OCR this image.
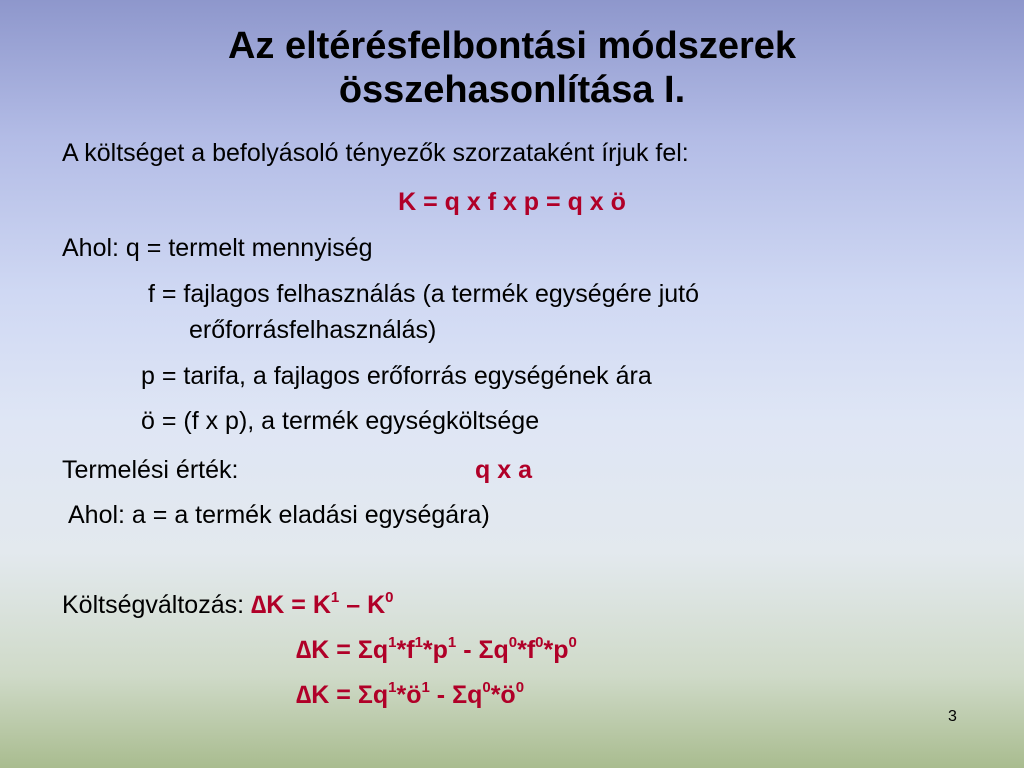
Az eltérésfelbontási módszerek
összehasonlítása I.
A költséget a befolyásoló tényezők szorzataként írjuk fel:
K = q x f x p = q x ö
Ahol: q = termelt mennyiség
f = fajlagos felhasználás (a termék egységére jutó
erőforrásfelhasználás)
p = tarifa, a fajlagos erőforrás egységének ára
ö = (f x p), a termék egységköltsége
Termelési érték:	q x a
Ahol: a = a termék eladási egységára)
Költségváltozás: $\Delta K = K^1 - K^0$
$\Delta K = \Sigma q^1*f^1*p^1 - \Sigma q^0*f^0*p^0$
$\Delta K = \Sigma q^1*ö^1$ - $\Sigma q^0*ö^0$
3
